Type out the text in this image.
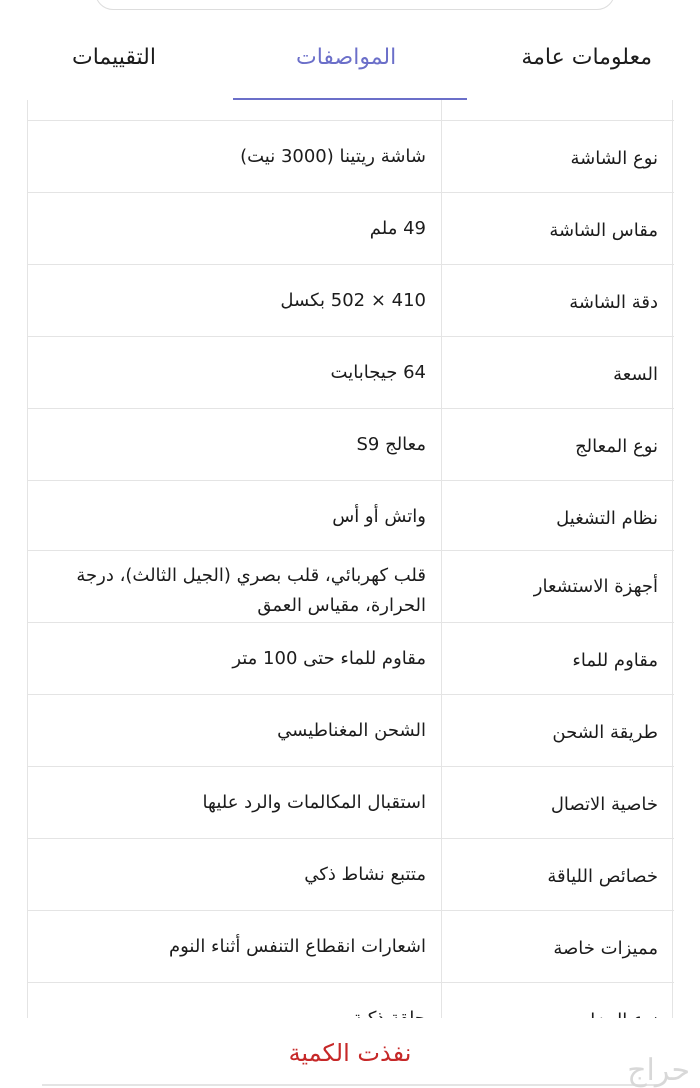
معلومات عامة
المواصفات
التقييمات
نوع الشاشة
شاشة ريتينا (3000 نيت)
مقاس الشاشة
49 ملم
دقة الشاشة
410 × 502 بكسل
السعة
64 جيجابايت
نوع المعالج
معالج S9
نظام التشغيل
واتش أو أس
أجهزة الاستشعار
قلب كهربائي، قلب بصري (الجيل الثالث)، درجة الحرارة، مقياس العمق
مقاوم للماء
مقاوم للماء حتى 100 متر
طريقة الشحن
الشحن المغناطيسي
خاصية الاتصال
استقبال المكالمات والرد عليها
خصائص اللياقة
متتبع نشاط ذكي
مميزات خاصة
اشعارات انقطاع التنفس أثناء النوم
نفذت الكمية	حراج
